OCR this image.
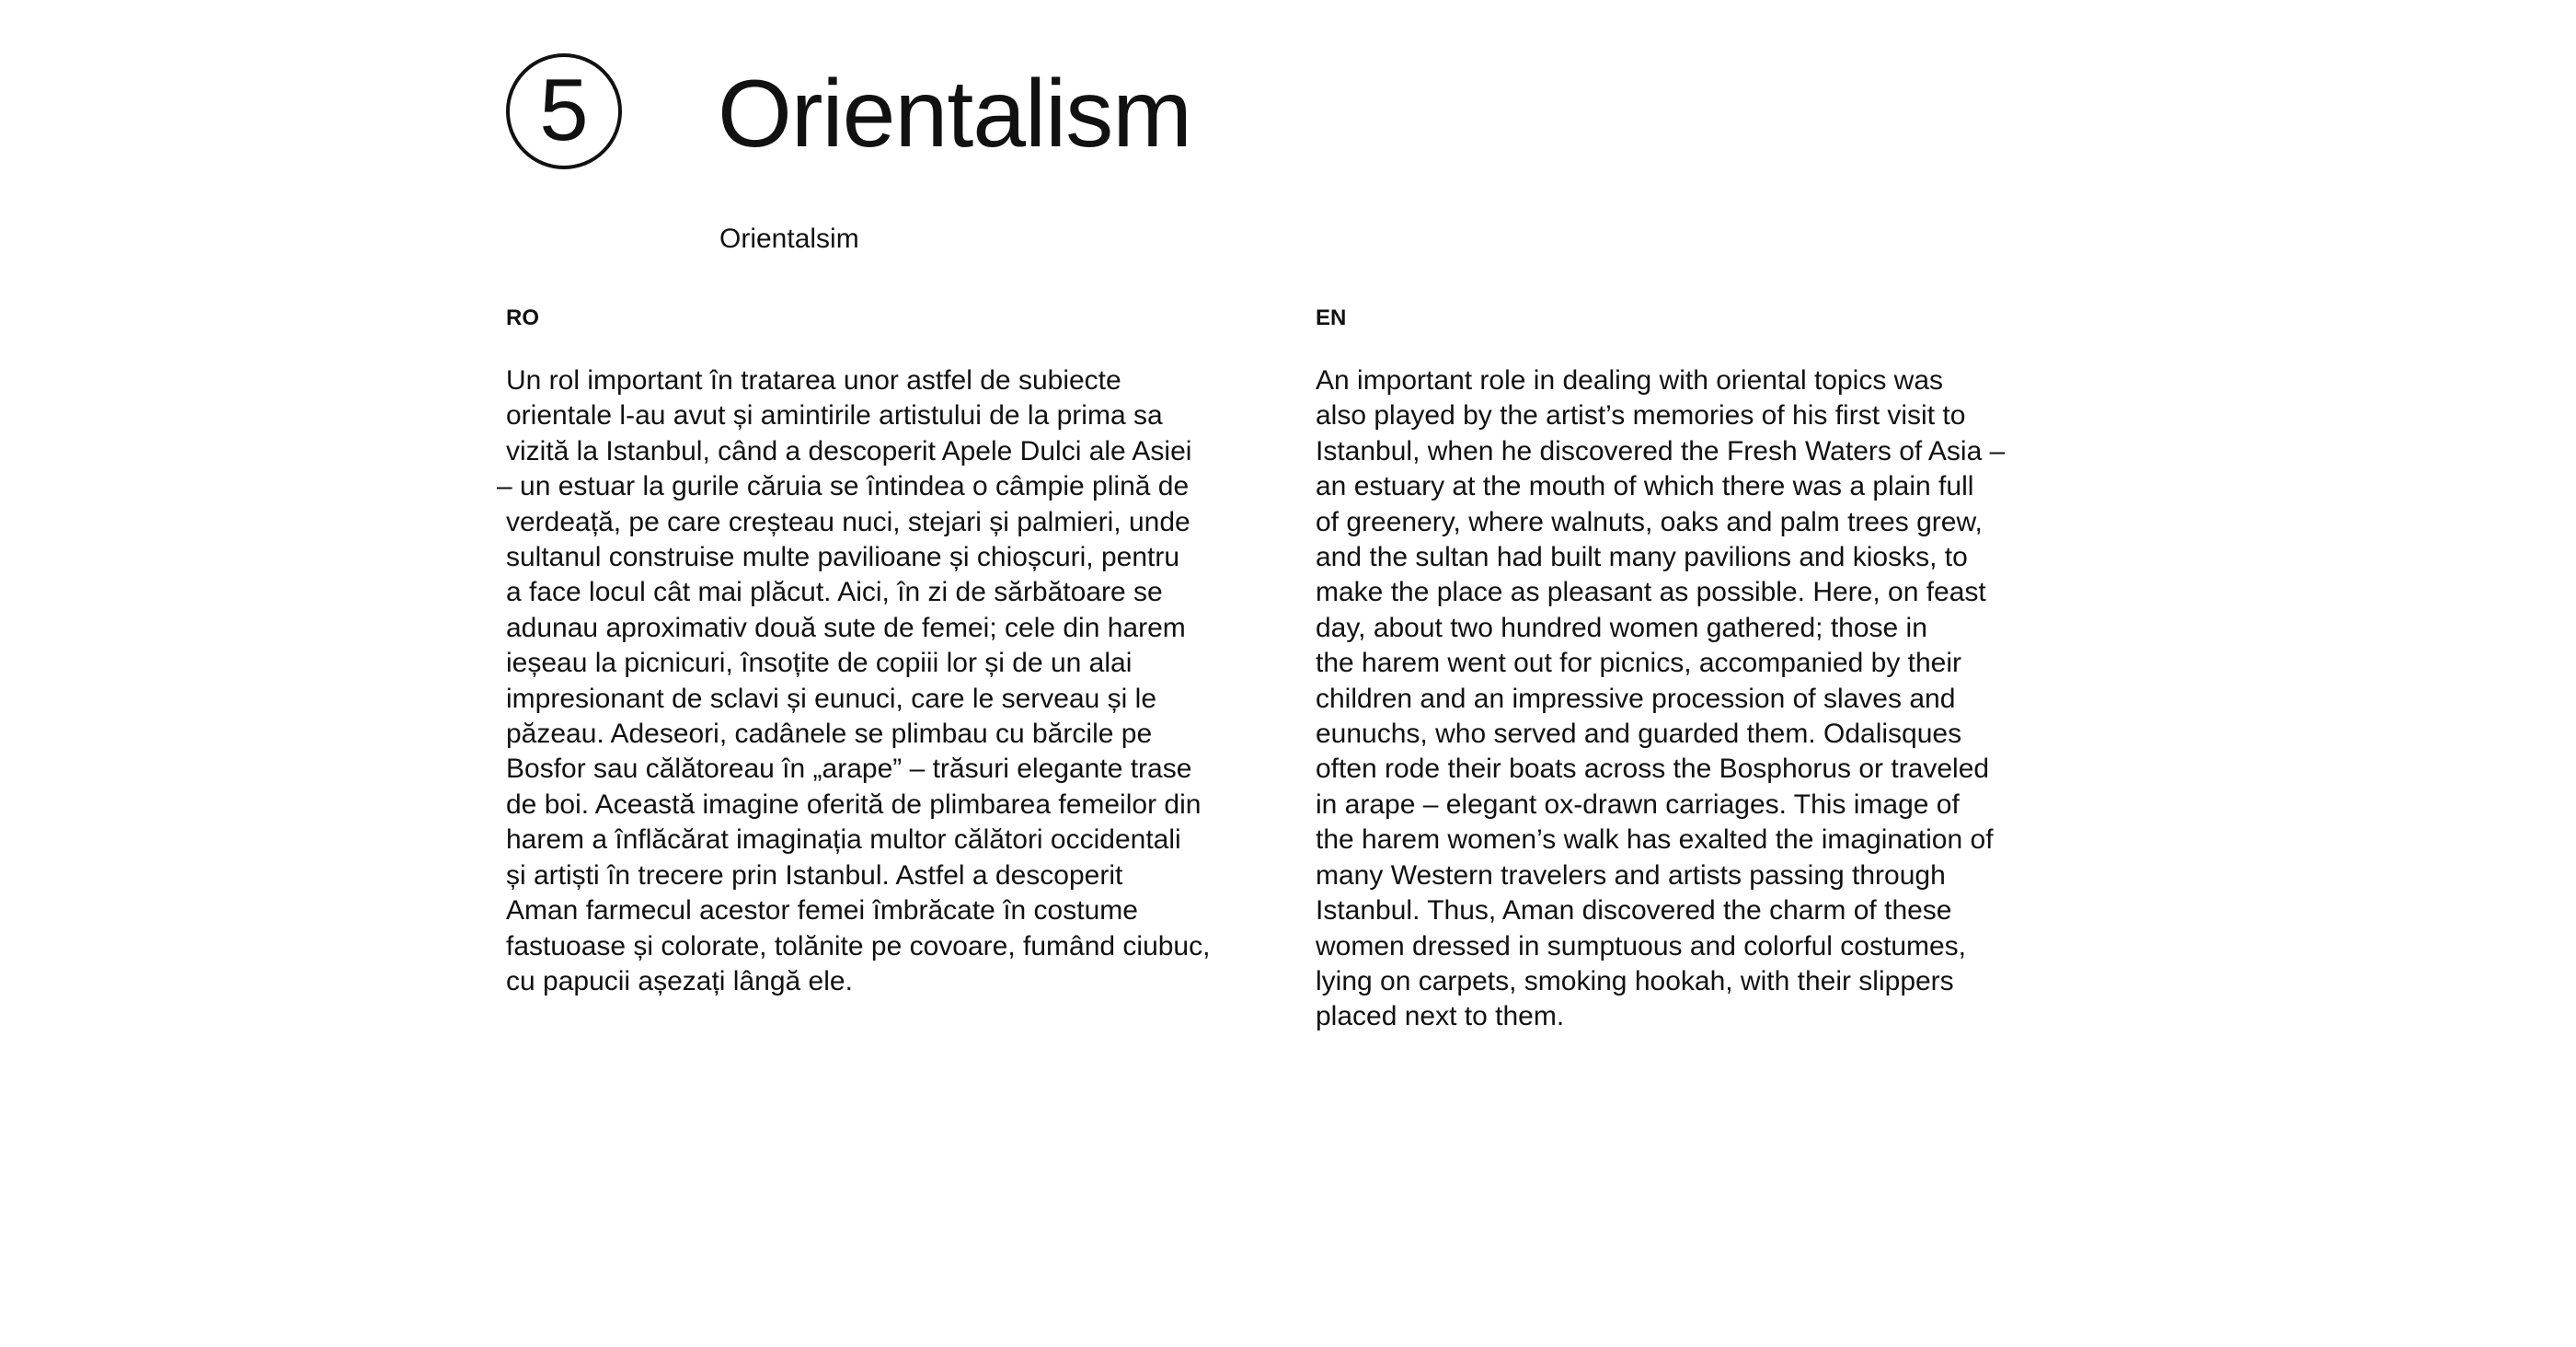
5 Orientalism
Orientalsim
RO	EN

Un rol important în tratarea unor astfel de subiecte
orientale l-au avut și amintirile artistului de la prima sa
vizită la Istanbul, când a descoperit Apele Dulci ale Asiei
– un estuar la gurile căruia se întindea o câmpie plină de
verdeață, pe care creșteau nuci, stejari și palmieri, unde
sultanul construise multe pavilioane și chioșcuri, pentru
a face locul cât mai plăcut. Aici, în zi de sărbătoare se
adunau aproximativ două sute de femei; cele din harem
ieșeau la picnicuri, însoțite de copiii lor și de un alai
impresionant de sclavi și eunuci, care le serveau și le
păzeau. Adeseori, cadânele se plimbau cu bărcile pe
Bosfor sau călătoreau în „arape” – trăsuri elegante trase
de boi. Această imagine oferită de plimbarea femeilor din
harem a înflăcărat imaginația multor călători occidentali
și artiști în trecere prin Istanbul. Astfel a descoperit
Aman farmecul acestor femei îmbrăcate în costume
fastuoase și colorate, tolănite pe covoare, fumând ciubuc,
cu papucii așezați lângă ele.

An important role in dealing with oriental topics was
also played by the artist’s memories of his first visit to
Istanbul, when he discovered the Fresh Waters of Asia –
an estuary at the mouth of which there was a plain full
of greenery, where walnuts, oaks and palm trees grew,
and the sultan had built many pavilions and kiosks, to
make the place as pleasant as possible. Here, on feast
day, about two hundred women gathered; those in
the harem went out for picnics, accompanied by their
children and an impressive procession of slaves and
eunuchs, who served and guarded them. Odalisques
often rode their boats across the Bosphorus or traveled
in arape – elegant ox-drawn carriages. This image of
the harem women’s walk has exalted the imagination of
many Western travelers and artists passing through
Istanbul. Thus, Aman discovered the charm of these
women dressed in sumptuous and colorful costumes,
lying on carpets, smoking hookah, with their slippers
placed next to them.
